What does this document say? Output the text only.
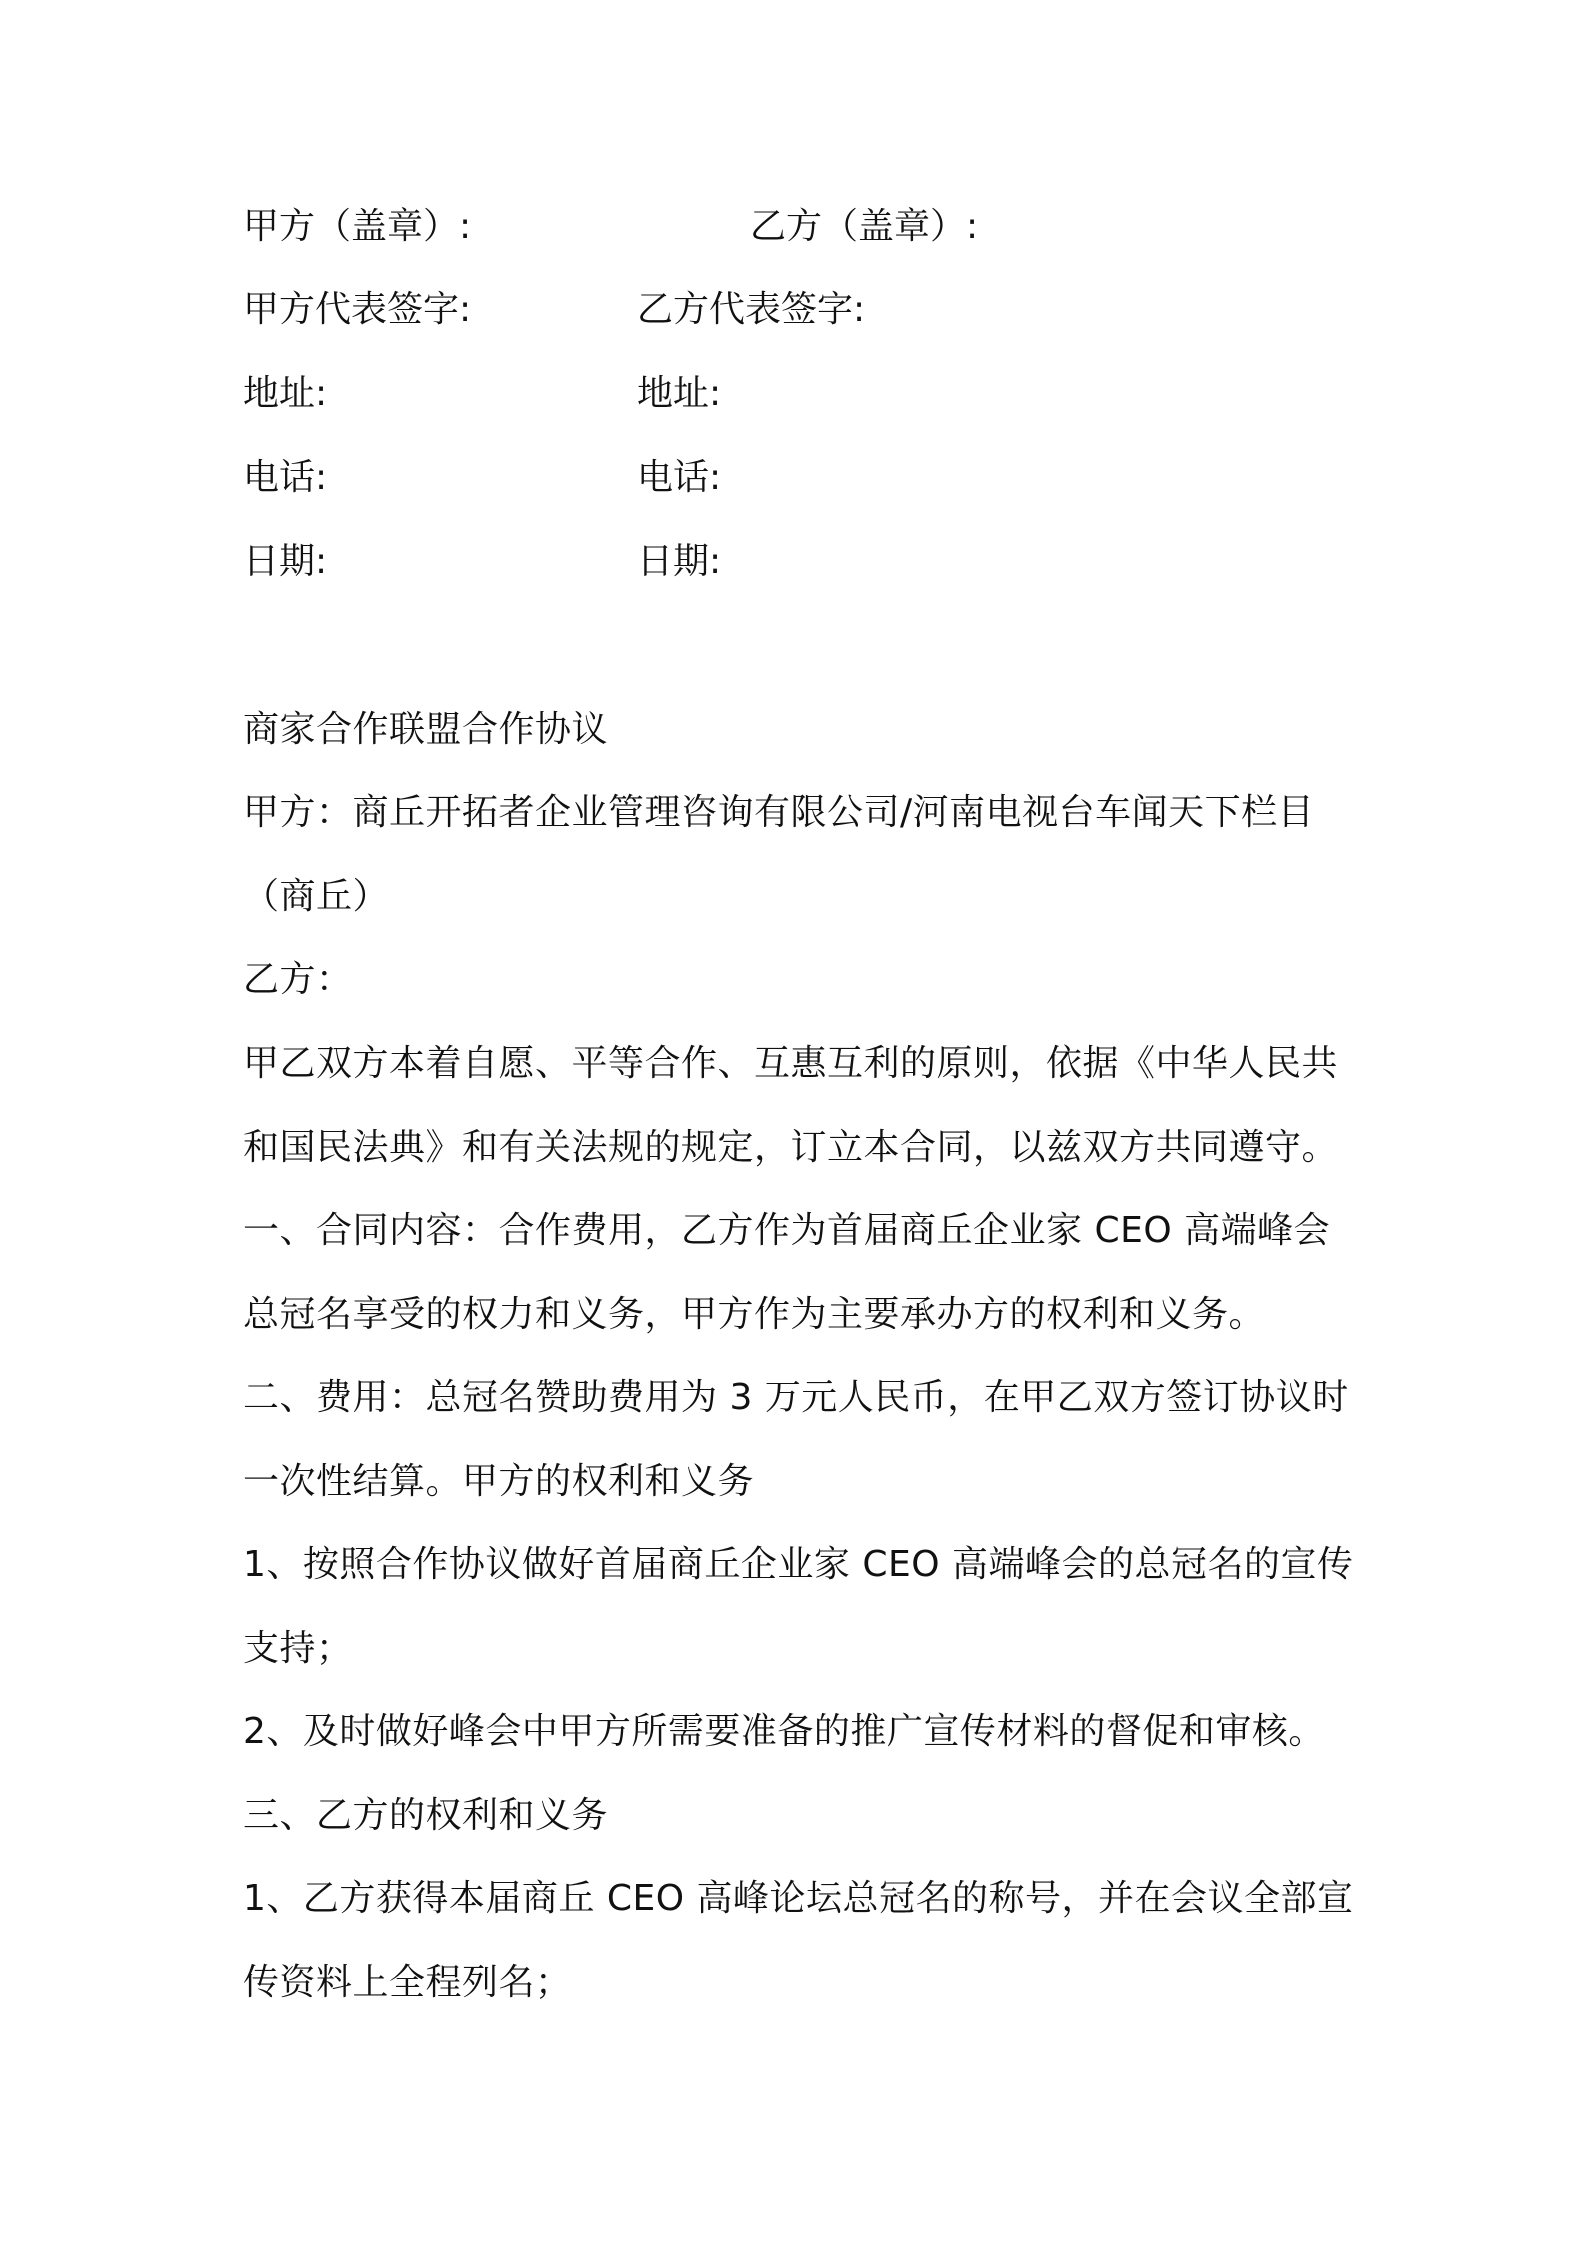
甲方（盖章）:	乙方（盖章）:
甲方代表签字:	乙方代表签字:
地址:	地址:
电话:	电话:
日期:	日期:
商家合作联盟合作协议
甲方：商丘开拓者企业管理咨询有限公司/河南电视台车闻天下栏目
（商丘）
乙方：
甲乙双方本着自愿、平等合作、互惠互利的原则，依据《中华人民共
和国民法典》和有关法规的规定，订立本合同，以兹双方共同遵守。
一、合同内容：合作费用，乙方作为首届商丘企业家 CEO 高端峰会
总冠名享受的权力和义务，甲方作为主要承办方的权利和义务。
二、费用：总冠名赞助费用为 3 万元人民币，在甲乙双方签订协议时
一次性结算。甲方的权利和义务
1、按照合作协议做好首届商丘企业家 CEO 高端峰会的总冠名的宣传
支持；
2、及时做好峰会中甲方所需要准备的推广宣传材料的督促和审核。
三、乙方的权利和义务
1、乙方获得本届商丘 CEO 高峰论坛总冠名的称号，并在会议全部宣
传资料上全程列名；
